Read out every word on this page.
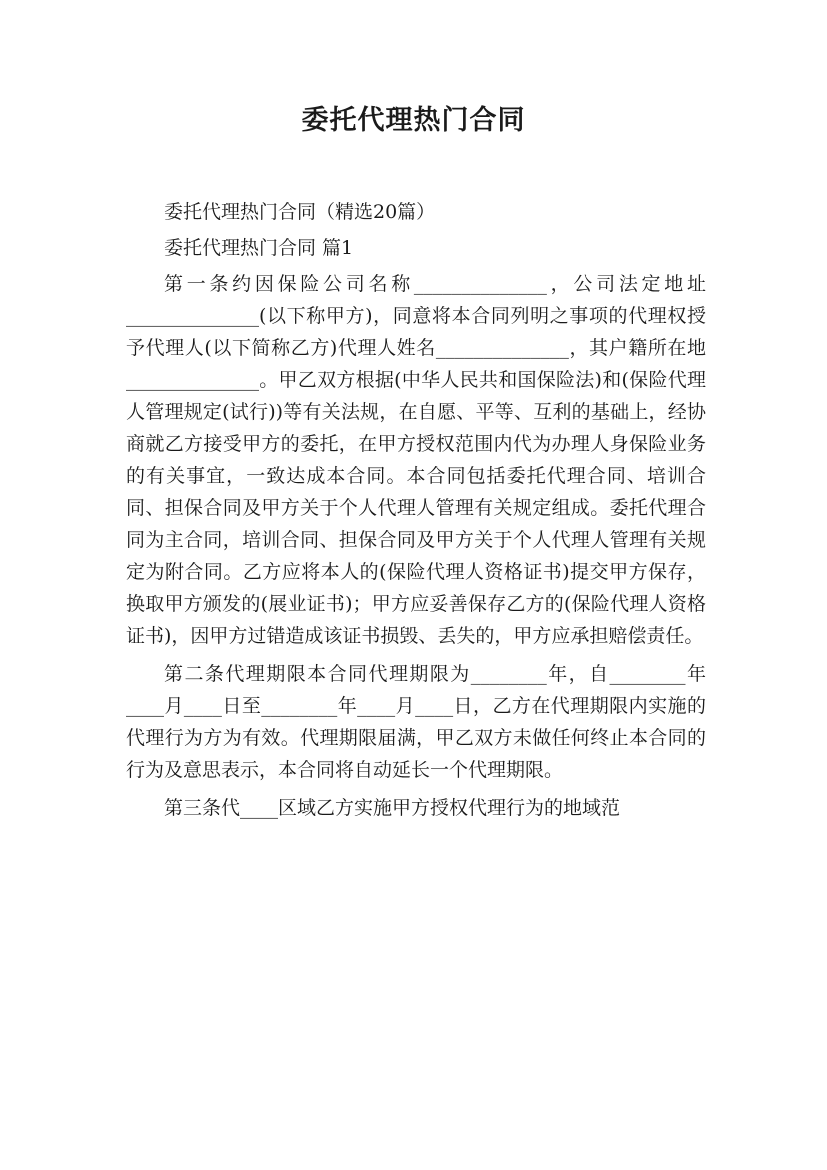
委托代理热门合同

委托代理热门合同（精选20篇）

委托代理热门合同 篇1

第一条约因保险公司名称______________，公司法定地址______________(以下称甲方)，同意将本合同列明之事项的代理权授予代理人(以下简称乙方)代理人姓名______________，其户籍所在地______________。甲乙双方根据(中华人民共和国保险法)和(保险代理人管理规定(试行))等有关法规，在自愿、平等、互利的基础上，经协商就乙方接受甲方的委托，在甲方授权范围内代为办理人身保险业务的有关事宜，一致达成本合同。本合同包括委托代理合同、培训合同、担保合同及甲方关于个人代理人管理有关规定组成。委托代理合同为主合同，培训合同、担保合同及甲方关于个人代理人管理有关规定为附合同。乙方应将本人的(保险代理人资格证书)提交甲方保存，换取甲方颁发的(展业证书)；甲方应妥善保存乙方的(保险代理人资格证书)，因甲方过错造成该证书损毁、丢失的，甲方应承担赔偿责任。

第二条代理期限本合同代理期限为________年，自________年____月____日至________年____月____日，乙方在代理期限内实施的代理行为方为有效。代理期限届满，甲乙双方未做任何终止本合同的行为及意思表示，本合同将自动延长一个代理期限。

第三条代____区域乙方实施甲方授权代理行为的地域范
